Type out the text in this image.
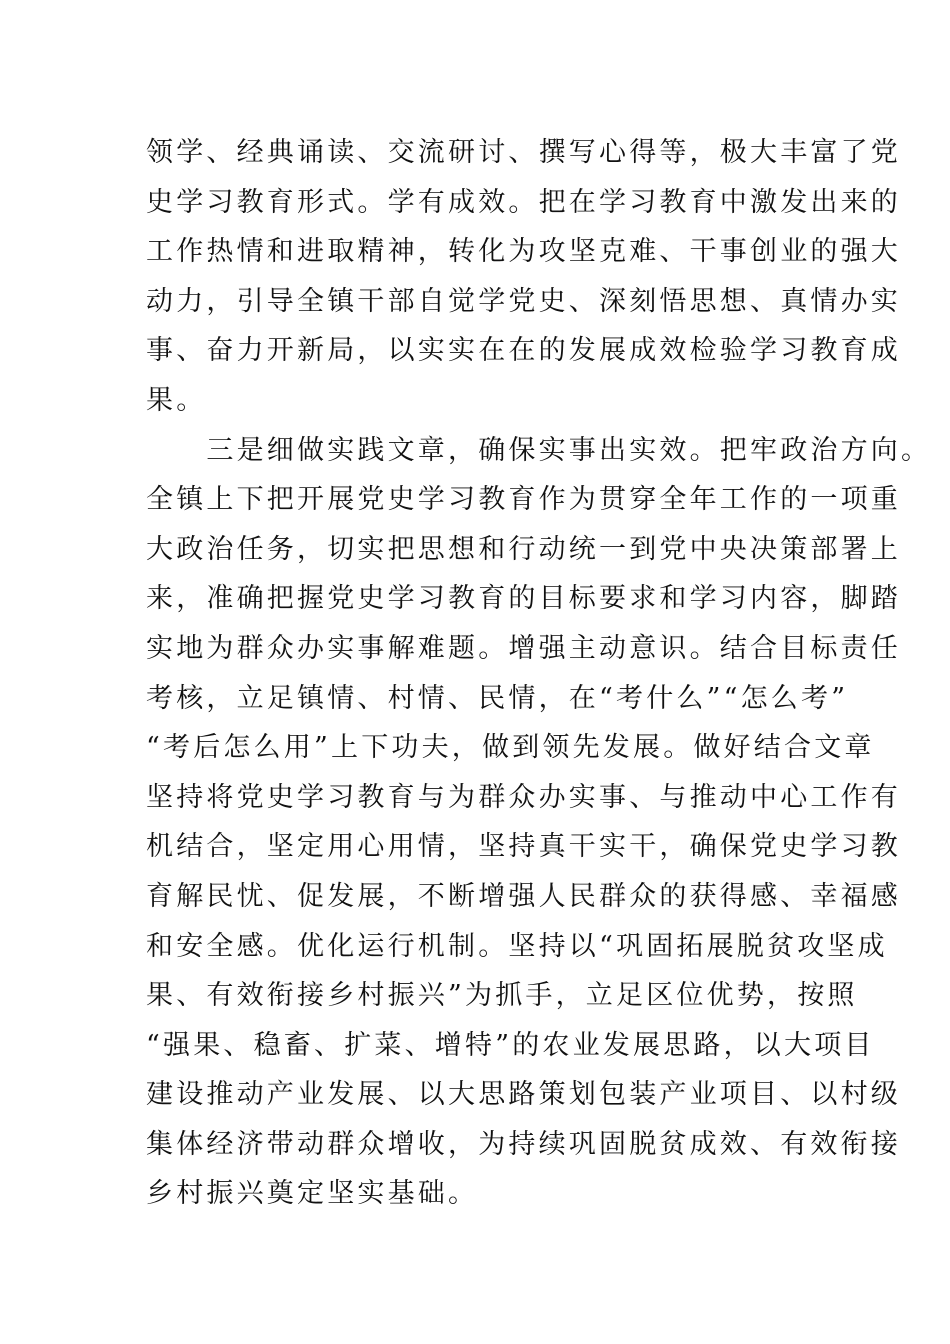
领学、经典诵读、交流研讨、撰写心得等，极大丰富了党
史学习教育形式。学有成效。把在学习教育中激发出来的
工作热情和进取精神，转化为攻坚克难、干事创业的强大
动力，引导全镇干部自觉学党史、深刻悟思想、真情办实
事、奋力开新局，以实实在在的发展成效检验学习教育成
果。
　　三是细做实践文章，确保实事出实效。把牢政治方向。
全镇上下把开展党史学习教育作为贯穿全年工作的一项重
大政治任务，切实把思想和行动统一到党中央决策部署上
来，准确把握党史学习教育的目标要求和学习内容，脚踏
实地为群众办实事解难题。增强主动意识。结合目标责任
考核，立足镇情、村情、民情，在“考什么”“怎么考”
“考后怎么用”上下功夫，做到领先发展。做好结合文章
坚持将党史学习教育与为群众办实事、与推动中心工作有
机结合，坚定用心用情，坚持真干实干，确保党史学习教
育解民忧、促发展，不断增强人民群众的获得感、幸福感
和安全感。优化运行机制。坚持以“巩固拓展脱贫攻坚成
果、有效衔接乡村振兴”为抓手，立足区位优势，按照
“强果、稳畜、扩菜、增特”的农业发展思路，以大项目
建设推动产业发展、以大思路策划包装产业项目、以村级
集体经济带动群众增收，为持续巩固脱贫成效、有效衔接
乡村振兴奠定坚实基础。
